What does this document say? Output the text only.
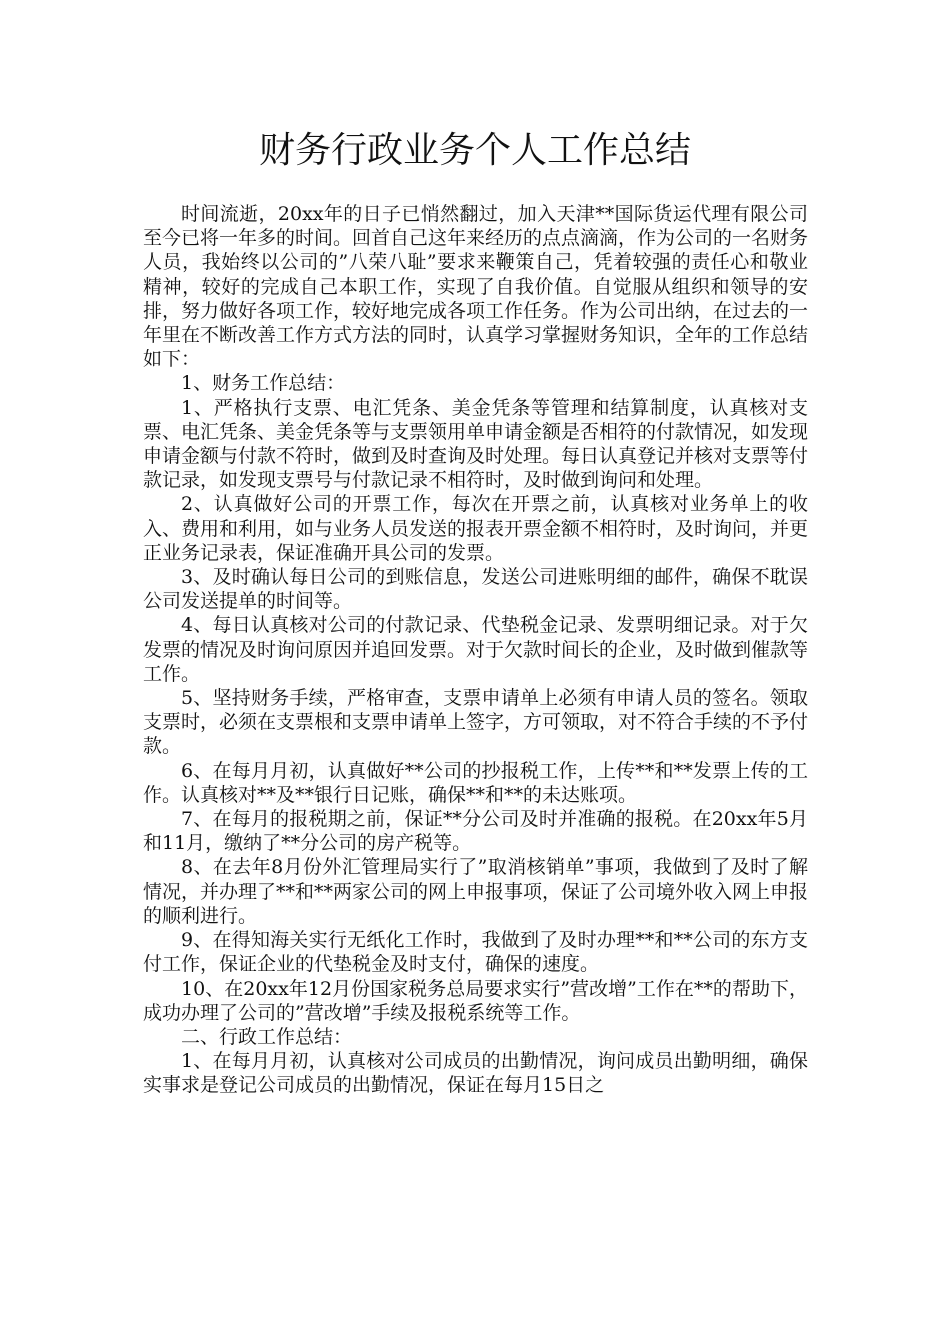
财务行政业务个人工作总结

时间流逝，20xx年的日子已悄然翻过，加入天津**国际货运代理有限公司至今已将一年多的时间。回首自己这年来经历的点点滴滴，作为公司的一名财务人员，我始终以公司的”八荣八耻”要求来鞭策自己，凭着较强的责任心和敬业精神，较好的完成自己本职工作，实现了自我价值。自觉服从组织和领导的安排，努力做好各项工作，较好地完成各项工作任务。作为公司出纳，在过去的一年里在不断改善工作方式方法的同时，认真学习掌握财务知识，全年的工作总结如下：

1、财务工作总结：

1、严格执行支票、电汇凭条、美金凭条等管理和结算制度，认真核对支票、电汇凭条、美金凭条等与支票领用单申请金额是否相符的付款情况，如发现申请金额与付款不符时，做到及时查询及时处理。每日认真登记并核对支票等付款记录，如发现支票号与付款记录不相符时，及时做到询问和处理。

2、认真做好公司的开票工作，每次在开票之前，认真核对业务单上的收入、费用和利用，如与业务人员发送的报表开票金额不相符时，及时询问，并更正业务记录表，保证准确开具公司的发票。

3、及时确认每日公司的到账信息，发送公司进账明细的邮件，确保不耽误公司发送提单的时间等。

4、每日认真核对公司的付款记录、代垫税金记录、发票明细记录。对于欠发票的情况及时询问原因并追回发票。对于欠款时间长的企业，及时做到催款等工作。

5、坚持财务手续，严格审查，支票申请单上必须有申请人员的签名。领取支票时，必须在支票根和支票申请单上签字，方可领取，对不符合手续的不予付款。

6、在每月月初，认真做好**公司的抄报税工作，上传**和**发票上传的工作。认真核对**及**银行日记账，确保**和**的未达账项。

7、在每月的报税期之前，保证**分公司及时并准确的报税。在20xx年5月和11月，缴纳了**分公司的房产税等。

8、在去年8月份外汇管理局实行了”取消核销单”事项，我做到了及时了解情况，并办理了**和**两家公司的网上申报事项，保证了公司境外收入网上申报的顺利进行。

9、在得知海关实行无纸化工作时，我做到了及时办理**和**公司的东方支付工作，保证企业的代垫税金及时支付，确保的速度。

10、在20xx年12月份国家税务总局要求实行”营改增”工作在**的帮助下，成功办理了公司的”营改增”手续及报税系统等工作。

二、行政工作总结：

1、在每月月初，认真核对公司成员的出勤情况，询问成员出勤明细，确保实事求是登记公司成员的出勤情况，保证在每月15日之
